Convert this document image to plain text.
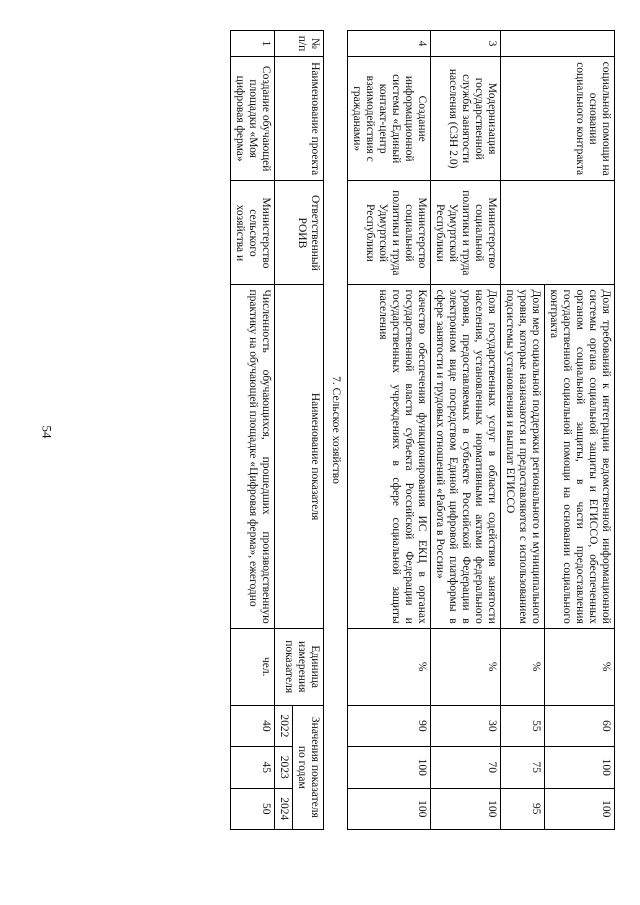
54
	социальной помощи на основании социального контракта		Доля требований к интеграции ведомственной информационной системы органа социальной защиты и ЕГИССО, обеспеченных органом социальной защиты, в части предоставления государственной социальной помощи на основании социального контракта	%	60	100	100
			Доля мер социальной поддержки регионального и муниципального уровня, которые назначаются и предоставляются с использованием подсистемы установления и выплат ЕГИССО	%	55	75	95
3	Модернизация государственной службы занятости населения (СЗН 2.0)	Министерство социальной политики и труда Удмуртской Республики	Доля государственных услуг в области содействия занятости населения, установленных нормативными актами федерального уровня, предоставляемых в субъекте Российской Федерации в электронном виде посредством Единой цифровой платформы в сфере занятости и трудовых отношений «Работа в России»	%	30	70	100
4	Создание информационной системы «Единый контакт-центр взаимодействия с гражданами»	Министерство социальной политики и труда Удмуртской Республики	Качество обеспечения функционирования ИС ЕКЦ в органах государственной власти субъекта Российской Федерации и государственных учреждениях в сфере социальной защиты населения	%	90	100	100
7. Сельское хозяйство							
№ п/п	Наименование проекта	Ответственный РОИВ	Наименование показателя	Единица измерения показателя	Значения показателя по годам		
					2022	2023	2024
1	Создание обучающей площадки «Моя цифровая ферма»	Министерство сельского хозяйства и	Численность обучающихся, прошедших производственную практику на обучающей площадке «Цифровая ферма», ежегодно	чел.	40	45	50
